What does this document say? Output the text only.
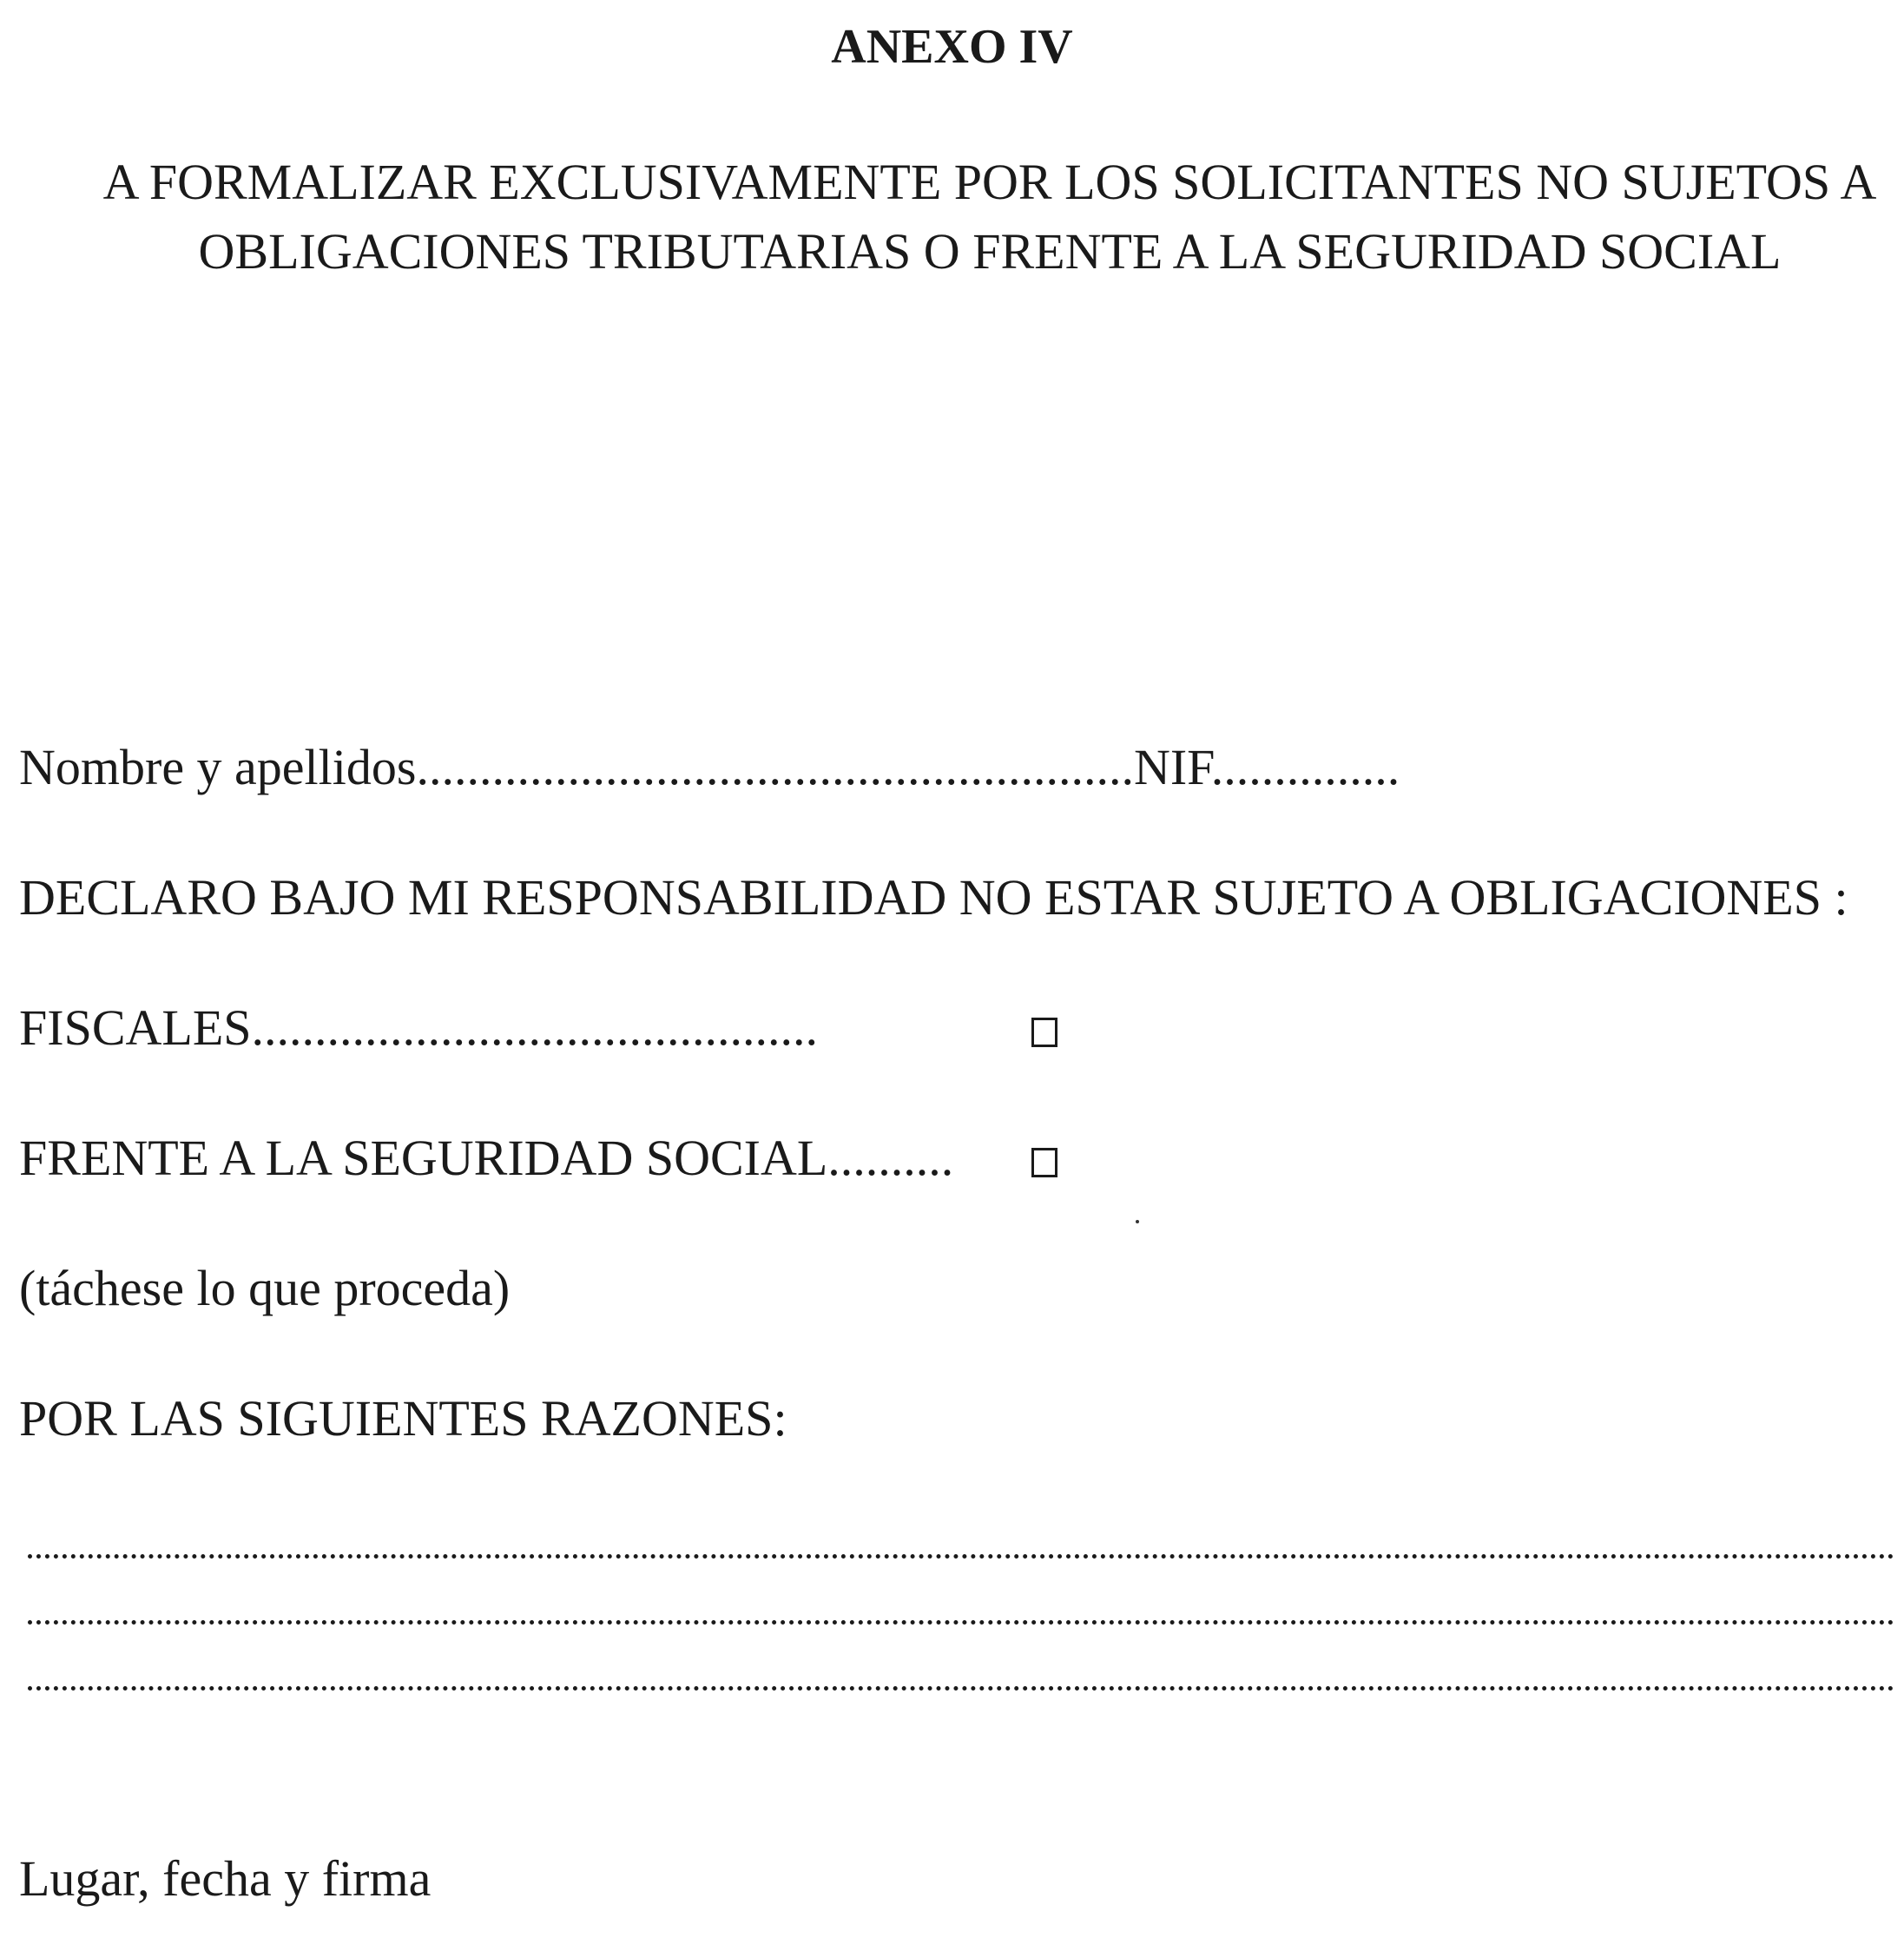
ANEXO IV
A FORMALIZAR EXCLUSIVAMENTE POR LOS SOLICITANTES NO SUJETOS A
OBLIGACIONES TRIBUTARIAS O FRENTE A LA SEGURIDAD SOCIAL
Nombre y apellidos.........................................................NIF...............
DECLARO BAJO MI RESPONSABILIDAD NO ESTAR SUJETO A OBLIGACIONES :
FISCALES.............................................
FRENTE A LA SEGURIDAD SOCIAL..........
(táchese lo que proceda)
POR LAS SIGUIENTES RAZONES:
Lugar, fecha y firma
